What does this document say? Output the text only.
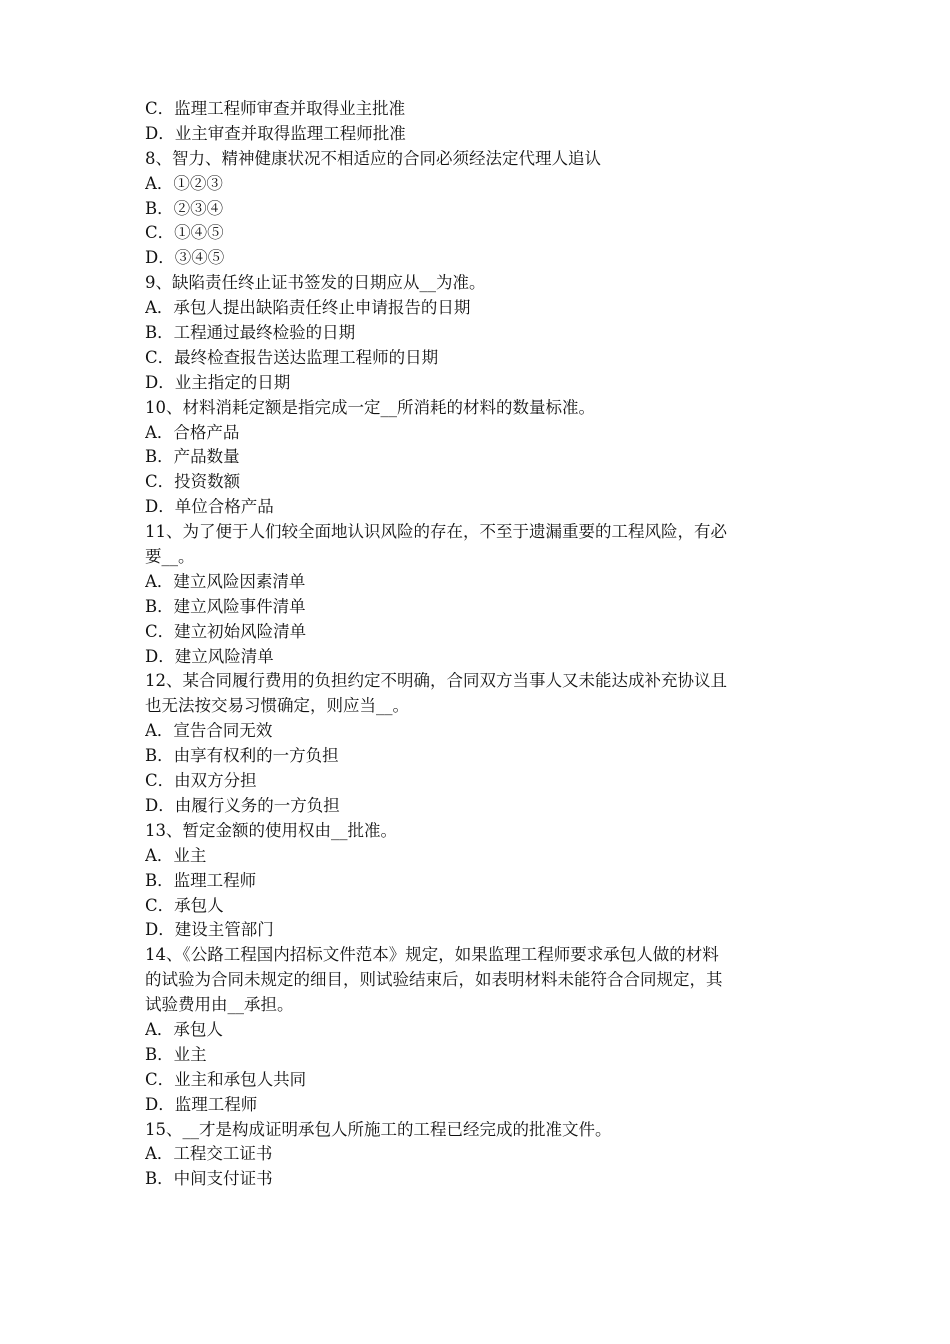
C．监理工程师审查并取得业主批准
D．业主审查并取得监理工程师批准
8、智力、精神健康状况不相适应的合同必须经法定代理人追认
A．①②③
B．②③④
C．①④⑤
D．③④⑤
9、缺陷责任终止证书签发的日期应从__为准。
A．承包人提出缺陷责任终止申请报告的日期
B．工程通过最终检验的日期
C．最终检查报告送达监理工程师的日期
D．业主指定的日期
10、材料消耗定额是指完成一定__所消耗的材料的数量标准。
A．合格产品
B．产品数量
C．投资数额
D．单位合格产品
11、为了便于人们较全面地认识风险的存在，不至于遗漏重要的工程风险，有必
要__。
A．建立风险因素清单
B．建立风险事件清单
C．建立初始风险清单
D．建立风险清单
12、某合同履行费用的负担约定不明确，合同双方当事人又未能达成补充协议且
也无法按交易习惯确定，则应当__。
A．宣告合同无效
B．由享有权利的一方负担
C．由双方分担
D．由履行义务的一方负担
13、暂定金额的使用权由__批准。
A．业主
B．监理工程师
C．承包人
D．建设主管部门
14、《公路工程国内招标文件范本》规定，如果监理工程师要求承包人做的材料
的试验为合同未规定的细目，则试验结束后，如表明材料未能符合合同规定，其
试验费用由__承担。
A．承包人
B．业主
C．业主和承包人共同
D．监理工程师
15、__才是构成证明承包人所施工的工程已经完成的批准文件。
A．工程交工证书
B．中间支付证书
